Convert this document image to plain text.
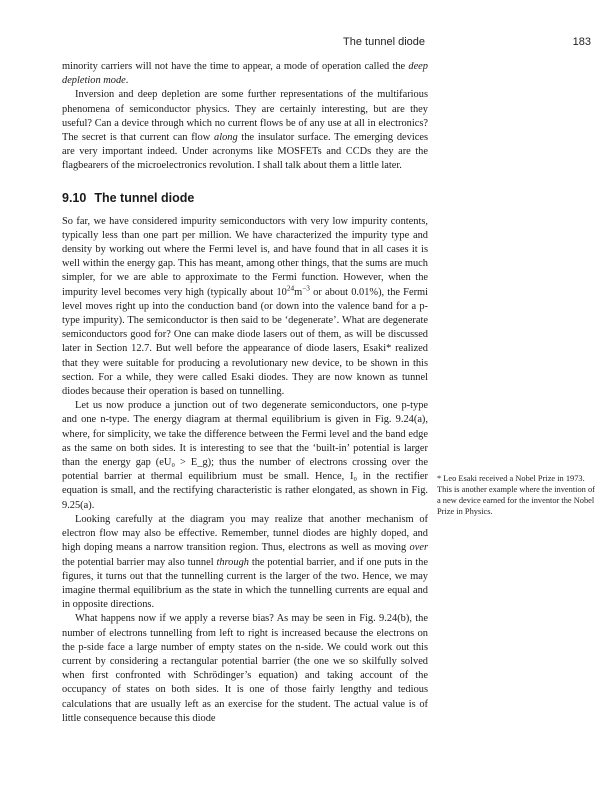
The tunnel diode	183

minority carriers will not have the time to appear, a mode of operation called the deep depletion mode.

Inversion and deep depletion are some further representations of the multifarious phenomena of semiconductor physics. They are certainly interesting, but are they useful? Can a device through which no current flows be of any use at all in electronics? The secret is that current can flow along the insulator surface. The emerging devices are very important indeed. Under acronyms like MOSFETs and CCDs they are the flagbearers of the microelectronics revolution. I shall talk about them a little later.

9.10 The tunnel diode

So far, we have considered impurity semiconductors with very low impurity contents, typically less than one part per million. We have characterized the impurity type and density by working out where the Fermi level is, and have found that in all cases it is well within the energy gap. This has meant, among other things, that the sums are much simpler, for we are able to approximate to the Fermi function. However, when the impurity level becomes very high (typically about $10^{24}m^{-3}$ or about 0.01%), the Fermi level moves right up into the conduction band (or down into the valence band for a p-type impurity). The semiconductor is then said to be ‘degenerate’. What are degenerate semiconductors good for? One can make diode lasers out of them, as will be discussed later in Section 12.7. But well before the appearance of diode lasers, Esaki* realized that they were suitable for producing a revolutionary new device, to be shown in this section. For a while, they were called Esaki diodes. They are now known as tunnel diodes because their operation is based on tunnelling.

Let us now produce a junction out of two degenerate semiconductors, one p-type and one n-type. The energy diagram at thermal equilibrium is given in Fig. 9.24(a), where, for simplicity, we take the difference between the Fermi level and the band edge as the same on both sides. It is interesting to see that the ‘built-in’ potential is larger than the energy gap (eU₀ > E_g); thus the number of electrons crossing over the potential barrier at thermal equilibrium must be small. Hence, I₀ in the rectifier equation is small, and the rectifying characteristic is rather elongated, as shown in Fig. 9.25(a).

Looking carefully at the diagram you may realize that another mechanism of electron flow may also be effective. Remember, tunnel diodes are highly doped, and high doping means a narrow transition region. Thus, electrons as well as moving over the potential barrier may also tunnel through the potential barrier, and if one puts in the figures, it turns out that the tunnelling current is the larger of the two. Hence, we may imagine thermal equilibrium as the state in which the tunnelling currents are equal and in opposite directions.

What happens now if we apply a reverse bias? As may be seen in Fig. 9.24(b), the number of electrons tunnelling from left to right is increased because the electrons on the p-side face a large number of empty states on the n-side. We could work out this current by considering a rectangular potential barrier (the one we so skilfully solved when first confronted with Schrödinger’s equation) and taking account of the occupancy of states on both sides. It is one of those fairly lengthy and tedious calculations that are usually left as an exercise for the student. The actual value is of little consequence because this diode

* Leo Esaki received a Nobel Prize in 1973. This is another example where the invention of a new device earned for the inventor the Nobel Prize in Physics.
